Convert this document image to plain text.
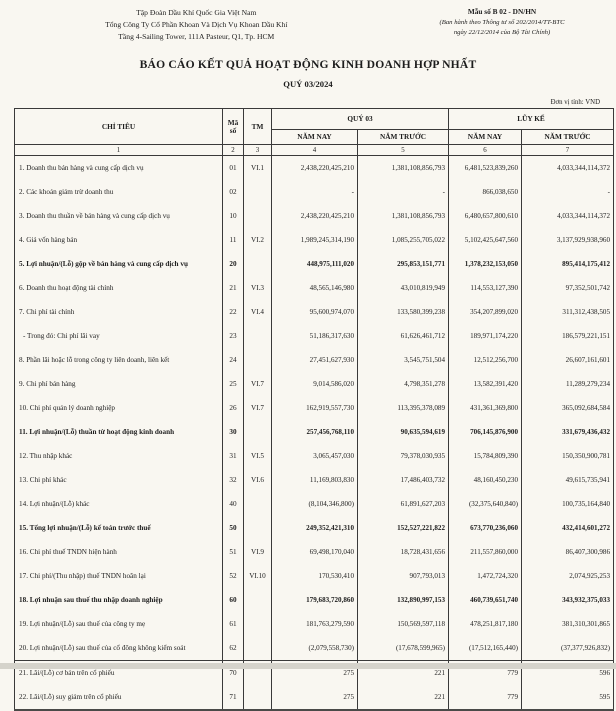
Tập Đoàn Dầu Khí Quốc Gia Việt Nam
Tổng Công Ty Cổ Phần Khoan Và Dịch Vụ Khoan Dầu Khí
Tầng 4-Sailing Tower, 111A Pasteur, Q1, Tp. HCM
Mẫu số B 02 - DN/HN
(Ban hành theo Thông tư số 202/2014/TT-BTC
ngày 22/12/2014 của Bộ Tài Chính)
BÁO CÁO KẾT QUẢ HOẠT ĐỘNG KINH DOANH HỢP NHẤT
QUÝ 03/2024
Đơn vị tính: VND
CHỈ TIÊU	Mã số	TM	QUÝ 03		LŨY KẾ	
			NĂM NAY	NĂM TRƯỚC	NĂM NAY	NĂM TRƯỚC
1	2	3	4	5	6	7
1. Doanh thu bán hàng và cung cấp dịch vụ	01	VI.1	2,438,220,425,210	1,381,108,856,793	6,481,523,839,260	4,033,344,114,372
2. Các khoản giảm trừ doanh thu	02		-	-	866,038,650	-
3. Doanh thu thuần về bán hàng và cung cấp dịch vụ	10		2,438,220,425,210	1,381,108,856,793	6,480,657,800,610	4,033,344,114,372
4. Giá vốn hàng bán	11	VI.2	1,989,245,314,190	1,085,255,705,022	5,102,425,647,560	3,137,929,938,960
5. Lợi nhuận/(Lỗ) gộp về bán hàng và cung cấp dịch vụ	20		448,975,111,020	295,853,151,771	1,378,232,153,050	895,414,175,412
6. Doanh thu hoạt động tài chính	21	VI.3	48,565,146,980	43,010,819,949	114,553,127,390	97,352,501,742
7. Chi phí tài chính	22	VI.4	95,600,974,070	133,580,399,238	354,207,899,020	311,312,438,505
- Trong đó: Chi phí lãi vay	23		51,186,317,630	61,626,461,712	189,971,174,220	186,579,221,151
8. Phần lãi hoặc lỗ trong công ty liên doanh, liên kết	24		27,451,627,930	3,545,751,504	12,512,256,700	26,607,161,601
9. Chi phí bán hàng	25	VI.7	9,014,586,020	4,798,351,278	13,582,391,420	11,289,279,234
10. Chi phí quản lý doanh nghiệp	26	VI.7	162,919,557,730	113,395,378,089	431,361,369,800	365,092,684,584
11. Lợi nhuận/(Lỗ) thuần từ hoạt động kinh doanh	30		257,456,768,110	90,635,594,619	706,145,876,900	331,679,436,432
12. Thu nhập khác	31	VI.5	3,065,457,030	79,378,030,935	15,784,809,390	150,350,900,781
13. Chi phí khác	32	VI.6	11,169,803,830	17,486,403,732	48,160,450,230	49,615,735,941
14. Lợi nhuận/(Lỗ) khác	40		(8,104,346,800)	61,891,627,203	(32,375,640,840)	100,735,164,840
15. Tổng lợi nhuận/(Lỗ) kế toán trước thuế	50		249,352,421,310	152,527,221,822	673,770,236,060	432,414,601,272
16. Chi phí thuế TNDN hiện hành	51	VI.9	69,498,170,040	18,728,431,656	211,557,860,000	86,407,300,986
17. Chi phí/(Thu nhập) thuế TNDN hoãn lại	52	VI.10	170,530,410	907,793,013	1,472,724,320	2,074,925,253
18. Lợi nhuận sau thuế thu nhập doanh nghiệp	60		179,683,720,860	132,890,997,153	460,739,651,740	343,932,375,033
19. Lợi nhuận/(Lỗ) sau thuế của công ty mẹ	61		181,763,279,590	150,569,597,118	478,251,817,180	381,310,301,865
20. Lợi nhuận/(Lỗ) sau thuế của cổ đông không kiểm soát	62		(2,079,558,730)	(17,678,599,965)	(17,512,165,440)	(37,377,926,832)
21. Lãi/(Lỗ) cơ bản trên cổ phiếu	70		275	221	779	596
22. Lãi/(Lỗ) suy giảm trên cổ phiếu	71		275	221	779	595
